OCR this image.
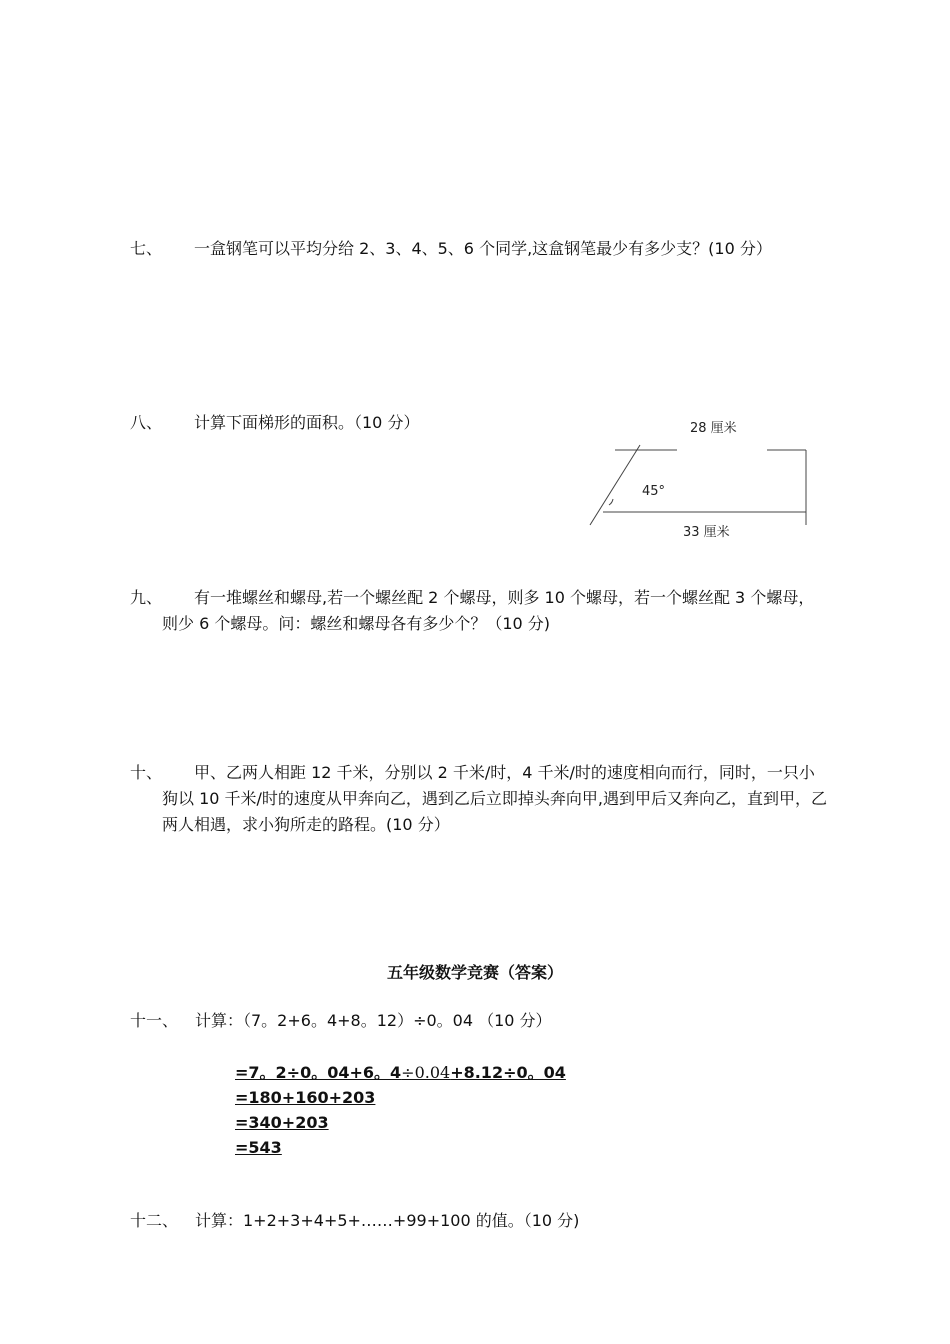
七、	一盒钢笔可以平均分给 2、3、4、5、6 个同学,这盒钢笔最少有多少支？(10 分）
八、	计算下面梯形的面积。（10 分）	28 厘米
45°
33 厘米
九、	有一堆螺丝和螺母,若一个螺丝配 2 个螺母，则多 10 个螺母，若一个螺丝配 3 个螺母，则少 6 个螺母。问：螺丝和螺母各有多少个？（10 分)
十、	甲、乙两人相距 12 千米，分别以 2 千米/时，4 千米/时的速度相向而行，同时，一只小狗以 10 千米/时的速度从甲奔向乙，遇到乙后立即掉头奔向甲,遇到甲后又奔向乙，直到甲，乙两人相遇，求小狗所走的路程。(10 分）
五年级数学竞赛（答案）
十一、	计算：（7。2+6。4+8。12）÷0。04 （10 分）
=7。2÷0。04+6。4÷0.04+8.12÷0。04
=180+160+203
=340+203
=543
十二、	计算：1+2+3+4+5+……+99+100 的值。（10 分)
